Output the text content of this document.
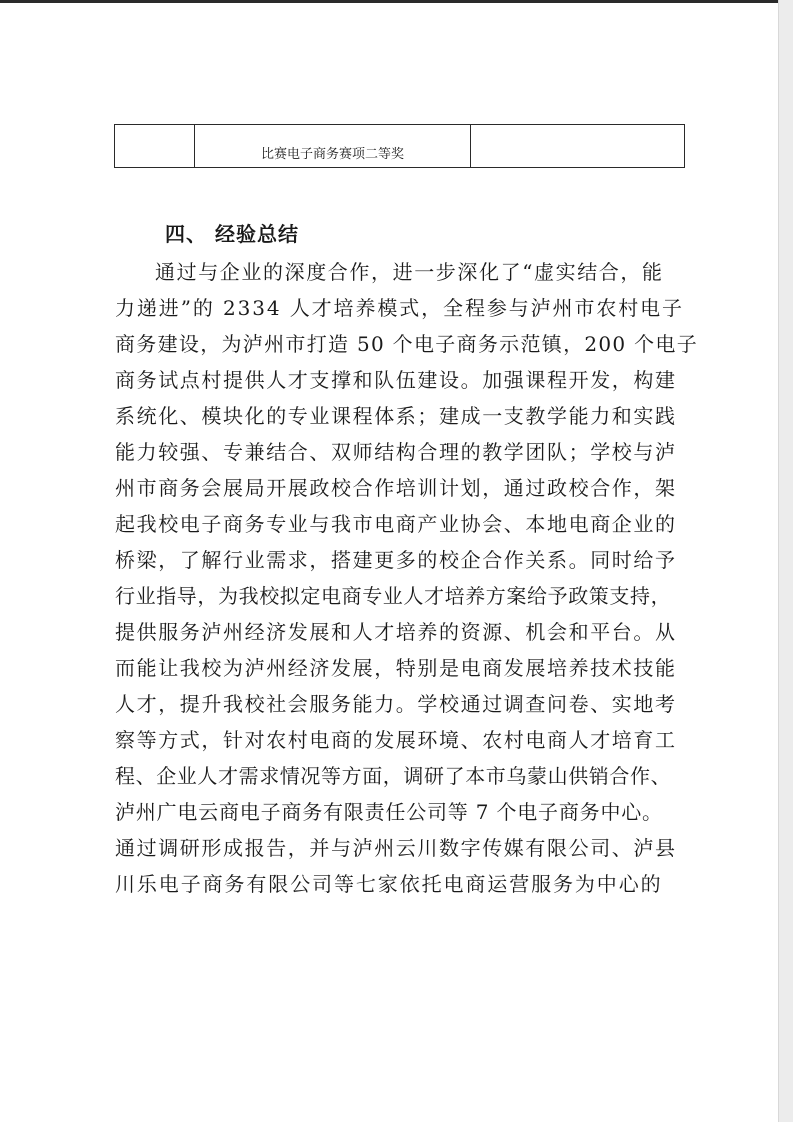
	比赛电子商务赛项二等奖	
四、 经验总结
通过与企业的深度合作，进一步深化了“虚实结合，能
力递进”的 2334 人才培养模式，全程参与泸州市农村电子
商务建设，为泸州市打造 50 个电子商务示范镇，200 个电子
商务试点村提供人才支撑和队伍建设。加强课程开发，构建
系统化、模块化的专业课程体系；建成一支教学能力和实践
能力较强、专兼结合、双师结构合理的教学团队；学校与泸
州市商务会展局开展政校合作培训计划，通过政校合作，架
起我校电子商务专业与我市电商产业协会、本地电商企业的
桥梁，了解行业需求，搭建更多的校企合作关系。同时给予
行业指导，为我校拟定电商专业人才培养方案给予政策支持，
提供服务泸州经济发展和人才培养的资源、机会和平台。从
而能让我校为泸州经济发展，特别是电商发展培养技术技能
人才，提升我校社会服务能力。学校通过调查问卷、实地考
察等方式，针对农村电商的发展环境、农村电商人才培育工
程、企业人才需求情况等方面，调研了本市乌蒙山供销合作、
泸州广电云商电子商务有限责任公司等 7 个电子商务中心。
通过调研形成报告，并与泸州云川数字传媒有限公司、泸县
川乐电子商务有限公司等七家依托电商运营服务为中心的
